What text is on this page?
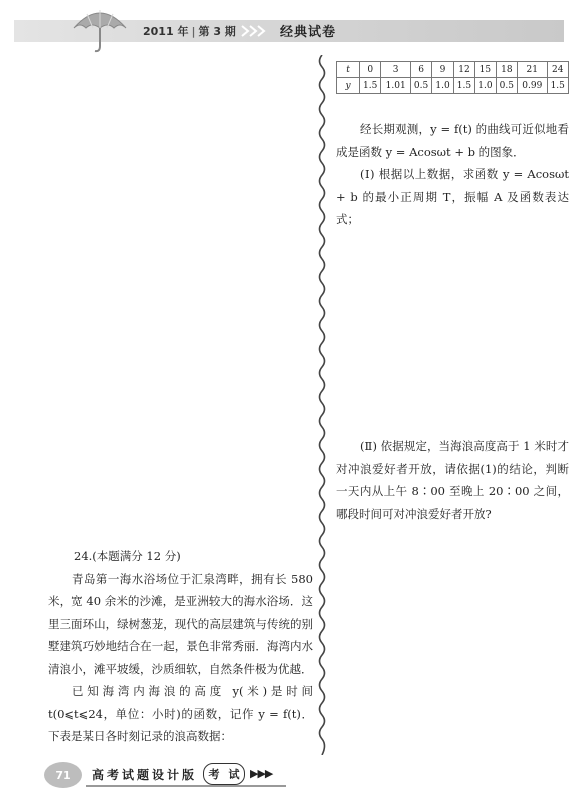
2011 年 | 第 3 期	经典试卷

24.(本题满分 12 分)

青岛第一海水浴场位于汇泉湾畔，拥有长 580 米，宽 40 余米的沙滩，是亚洲较大的海水浴场．这里三面环山，绿树葱茏，现代的高层建筑与传统的别墅建筑巧妙地结合在一起，景色非常秀丽．海湾内水清浪小，滩平坡缓，沙质细软，自然条件极为优越．

已知海湾内海浪的高度 y(米)是时间 t(0⩽t⩽24，单位：小时)的函数，记作 y = f(t)．下表是某日各时刻记录的浪高数据：

t	0	3	6	9	12	15	18	21	24
y	1.5	1.01	0.5	1.0	1.5	1.0	0.5	0.99	1.5

经长期观测，y = f(t) 的曲线可近似地看成是函数 y = Acosωt + b 的图象．

(Ⅰ) 根据以上数据，求函数 y = Acosωt + b 的最小正周期 T，振幅 A 及函数表达式；

(Ⅱ) 依据规定，当海浪高度高于 1 米时才对冲浪爱好者开放，请依据(1)的结论，判断一天内从上午 8∶00 至晚上 20∶00 之间，哪段时间可对冲浪爱好者开放?

71	高考试题设计版 考 试 ▶▶▶
